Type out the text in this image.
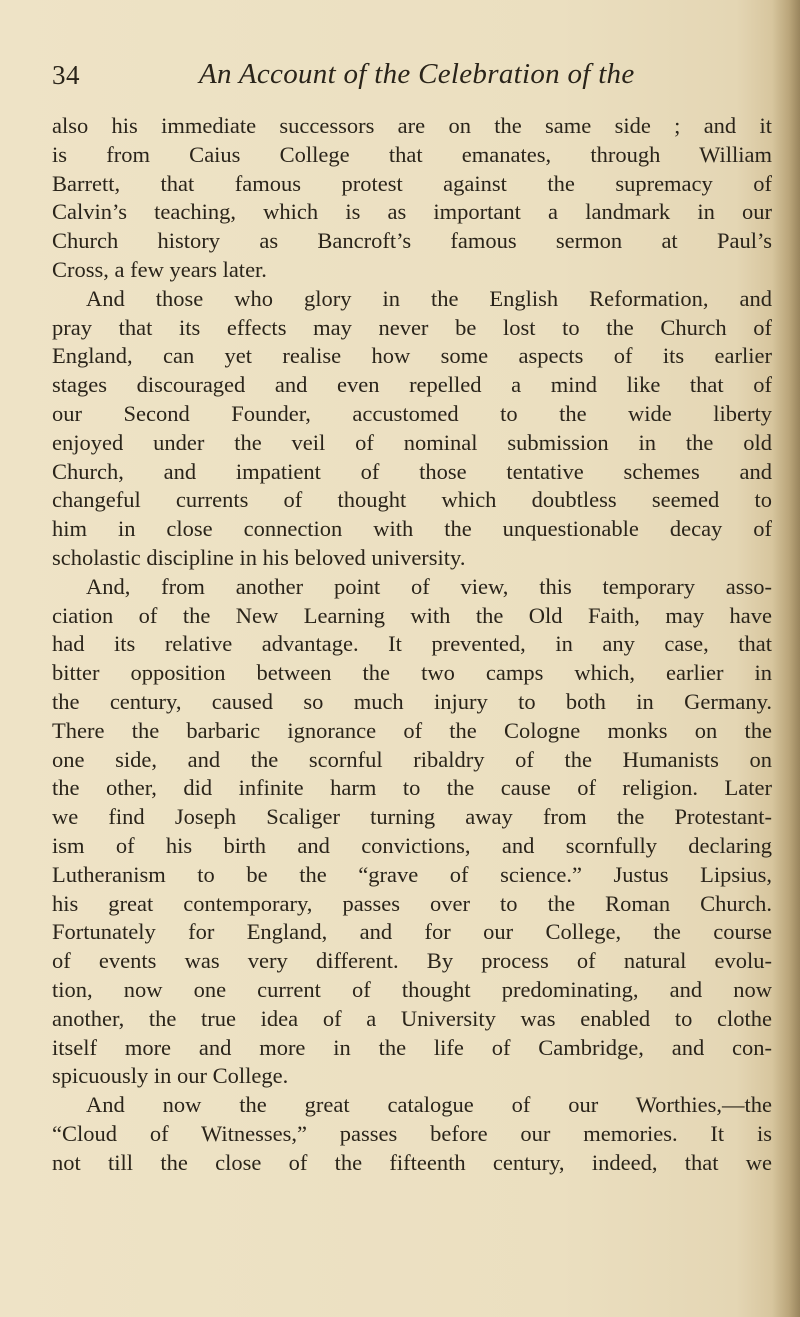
34	An Account of the Celebration of the
also his immediate successors are on the same side ; and it
is from Caius College that emanates, through William
Barrett, that famous protest against the supremacy of
Calvin’s teaching, which is as important a landmark in our
Church history as Bancroft’s famous sermon at Paul’s
Cross, a few years later.
And those who glory in the English Reformation, and
pray that its effects may never be lost to the Church of
England, can yet realise how some aspects of its earlier
stages discouraged and even repelled a mind like that of
our Second Founder, accustomed to the wide liberty
enjoyed under the veil of nominal submission in the old
Church, and impatient of those tentative schemes and
changeful currents of thought which doubtless seemed to
him in close connection with the unquestionable decay of
scholastic discipline in his beloved university.
And, from another point of view, this temporary asso-
ciation of the New Learning with the Old Faith, may have
had its relative advantage. It prevented, in any case, that
bitter opposition between the two camps which, earlier in
the century, caused so much injury to both in Germany.
There the barbaric ignorance of the Cologne monks on the
one side, and the scornful ribaldry of the Humanists on
the other, did infinite harm to the cause of religion. Later
we find Joseph Scaliger turning away from the Protestant-
ism of his birth and convictions, and scornfully declaring
Lutheranism to be the “grave of science.” Justus Lipsius,
his great contemporary, passes over to the Roman Church.
Fortunately for England, and for our College, the course
of events was very different. By process of natural evolu-
tion, now one current of thought predominating, and now
another, the true idea of a University was enabled to clothe
itself more and more in the life of Cambridge, and con-
spicuously in our College.
And now the great catalogue of our Worthies,—the
“Cloud of Witnesses,” passes before our memories. It is
not till the close of the fifteenth century, indeed, that we
